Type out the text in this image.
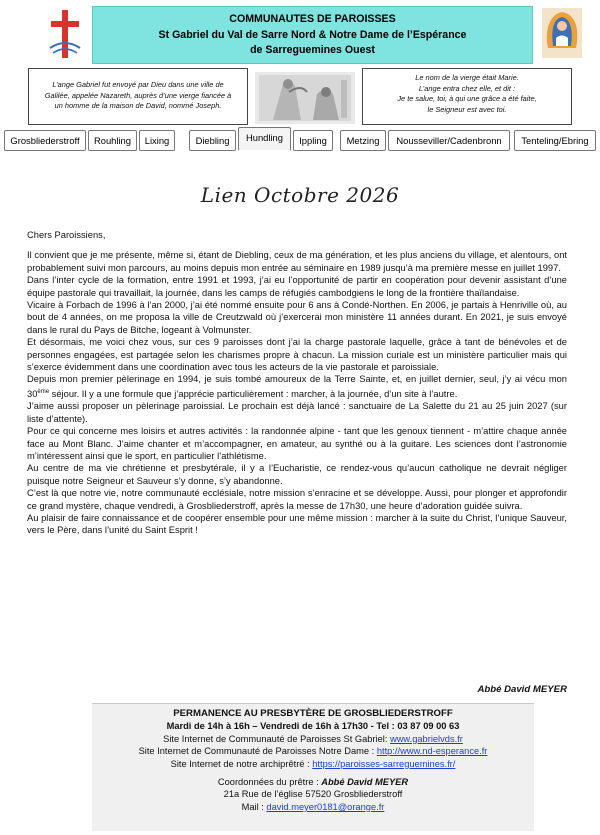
COMMUNAUTES DE PAROISSES
St Gabriel du Val de Sarre Nord & Notre Dame de l’Espérance
de Sarreguemines Ouest
L’ange Gabriel fut envoyé par Dieu dans une ville de
Galilée, appelée Nazareth, auprès d’une vierge fiancée à
un homme de la maison de David, nommé Joseph.
Le nom de la vierge était Marie.
L’ange entra chez elle, et dit :
Je te salue, toi, à qui une grâce a été faite,
le Seigneur est avec toi.
Grosbliederstroff	Rouhling	Lixing	Diebling	Hundling	Ippling	Metzing	Nousseviller/Cadenbronn	Tenteling/Ebring
Lien Octobre 2026

Chers Paroissiens,

Il convient que je me présente, même si, étant de Diebling, ceux de ma génération, et les plus anciens du village, et alentours, ont probablement suivi mon parcours, au moins depuis mon entrée au séminaire en 1989 jusqu’à ma première messe en juillet 1997.

Dans l’inter cycle de la formation, entre 1991 et 1993, j’ai eu l’opportunité de partir en coopération pour devenir assistant d’une équipe pastorale qui travaillait, la journée, dans les camps de réfugiés cambodgiens le long de la frontière thaïlandaise.

Vicaire à Forbach de 1996 à l’an 2000, j’ai été nommé ensuite pour 6 ans à Condé-Northen. En 2006, je partais à Henriville où, au bout de 4 années, on me proposa la ville de Creutzwald où j’exercerai mon ministère 11 années durant. En 2021, je suis envoyé dans le rural du Pays de Bitche, logeant à Volmunster.

Et désormais, me voici chez vous, sur ces 9 paroisses dont j’ai la charge pastorale laquelle, grâce à tant de bénévoles et de personnes engagées, est partagée selon les charismes propre à chacun. La mission curiale est un ministère particulier mais qui s’exerce évidemment dans une coordination avec tous les acteurs de la vie pastorale et paroissiale.

Depuis mon premier pèlerinage en 1994, je suis tombé amoureux de la Terre Sainte, et, en juillet dernier, seul, j’y ai vécu mon 30ème séjour. Il y a une formule que j’apprécie particulièrement : marcher, à la journée, d’un site à l’autre.

J’aime aussi proposer un pèlerinage paroissial. Le prochain est déjà lancé : sanctuaire de La Salette du 21 au 25 juin 2027 (sur liste d’attente).

Pour ce qui concerne mes loisirs et autres activités : la randonnée alpine - tant que les genoux tiennent - m’attire chaque année face au Mont Blanc. J’aime chanter et m’accompagner, en amateur, au synthé ou à la guitare. Les sciences dont l’astronomie m’intéressent ainsi que le sport, en particulier l’athlétisme.

Au centre de ma vie chrétienne et presbytérale, il y a l’Eucharistie, ce rendez-vous qu’aucun catholique ne devrait négliger puisque notre Seigneur et Sauveur s’y donne, s’y abandonne.

C’est là que notre vie, notre communauté ecclésiale, notre mission s’enracine et se développe. Aussi, pour plonger et approfondir ce grand mystère, chaque vendredi, à Grosbliederstroff, après la messe de 17h30, une heure d’adoration guidée suivra.

Au plaisir de faire connaissance et de coopérer ensemble pour une même mission : marcher à la suite du Christ, l’unique Sauveur, vers le Père, dans l’unité du Saint Esprit !

Abbé David MEYER
PERMANENCE AU PRESBYTÈRE DE GROSBLIEDERSTROFF
Mardi de 14h à 16h – Vendredi de 16h à 17h30 - Tel : 03 87 09 00 63
Site Internet de Communauté de Paroisses St Gabriel: www.gabrielvds.fr
Site Internet de Communauté de Paroisses Notre Dame : http://www.nd-esperance.fr
Site Internet de notre archiprêtré : https://paroisses-sarreguemines.fr/
Coordonnées du prêtre : Abbé David MEYER
21a Rue de l’église 57520 Grosbliederstroff
Mail : david.meyer0181@orange.fr
